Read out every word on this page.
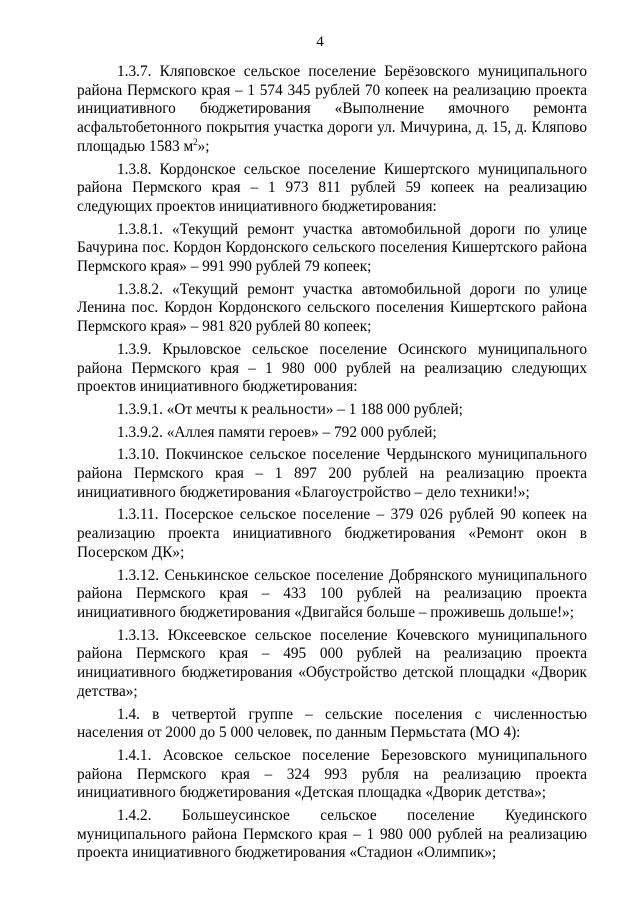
4

1.3.7. Кляповское сельское поселение Берёзовского муниципального района Пермского края – 1 574 345 рублей 70 копеек на реализацию проекта инициативного бюджетирования «Выполнение ямочного ремонта асфальтобетонного покрытия участка дороги ул. Мичурина, д. 15, д. Кляпово площадью 1583 $м^2$»;

1.3.8. Кордонское сельское поселение Кишертского муниципального района Пермского края – 1 973 811 рублей 59 копеек на реализацию следующих проектов инициативного бюджетирования:

1.3.8.1. «Текущий ремонт участка автомобильной дороги по улице Бачурина пос. Кордон Кордонского сельского поселения Кишертского района Пермского края» – 991 990 рублей 79 копеек;

1.3.8.2. «Текущий ремонт участка автомобильной дороги по улице Ленина пос. Кордон Кордонского сельского поселения Кишертского района Пермского края» – 981 820 рублей 80 копеек;

1.3.9. Крыловское сельское поселение Осинского муниципального района Пермского края – 1 980 000 рублей на реализацию следующих проектов инициативного бюджетирования:

1.3.9.1. «От мечты к реальности» – 1 188 000 рублей;

1.3.9.2. «Аллея памяти героев» – 792 000 рублей;

1.3.10. Покчинское сельское поселение Чердынского муниципального района Пермского края – 1 897 200 рублей на реализацию проекта инициативного бюджетирования «Благоустройство – дело техники!»;

1.3.11. Посерское сельское поселение – 379 026 рублей 90 копеек на реализацию проекта инициативного бюджетирования «Ремонт окон в Посерском ДК»;

1.3.12. Сенькинское сельское поселение Добрянского муниципального района Пермского края – 433 100 рублей на реализацию проекта инициативного бюджетирования «Двигайся больше – проживешь дольше!»;

1.3.13. Юксеевское сельское поселение Кочевского муниципального района Пермского края – 495 000 рублей на реализацию проекта инициативного бюджетирования «Обустройство детской площадки «Дворик детства»;

1.4. в четвертой группе – сельские поселения с численностью населения от 2000 до 5 000 человек, по данным Пермьстата (МО 4):

1.4.1. Асовское сельское поселение Березовского муниципального района Пермского края – 324 993 рубля на реализацию проекта инициативного бюджетирования «Детская площадка «Дворик детства»;

1.4.2. Большеусинское сельское поселение Куединского муниципального района Пермского края – 1 980 000 рублей на реализацию проекта инициативного бюджетирования «Стадион «Олимпик»;
